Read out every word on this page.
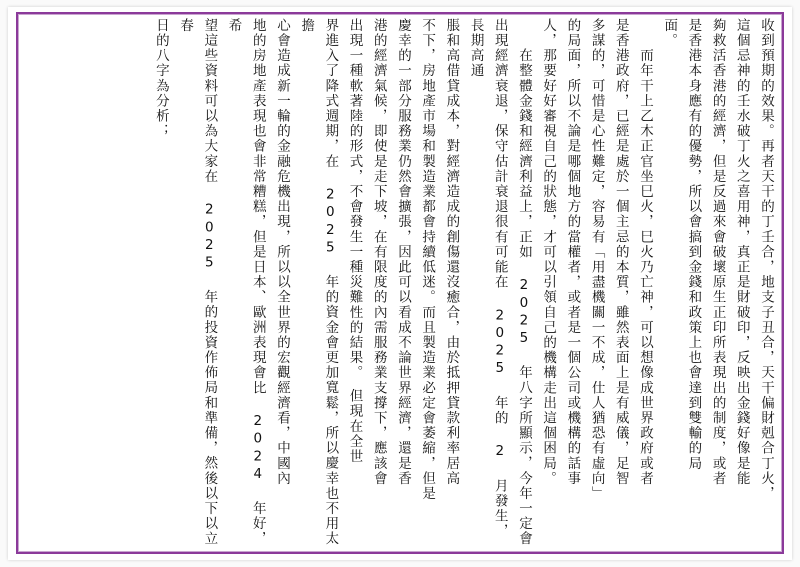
收到預期的效果。再者天干的丁壬合，地支子丑合，天干偏財剋合丁火，
這個忌神的壬水破丁火之喜用神，真正是財破印，反映出金錢好像是能
夠救活香港的經濟，但是反過來會破壞原生正印所表現出的制度，或者
是香港本身應有的優勢，所以會搞到金錢和政策上也會達到雙輸的局
面。
　　而年干上乙木正官坐巳火，巳火乃亡神，可以想像成世界政府或者
是香港政府，已經是處於一個主忌的本質，雖然表面上是有威儀，足智
多謀的，可惜是心性難定，容易有「用盡機關一不成，仕人猶恐有虛向」
的局面，所以不論是哪個地方的當權者，或者是一個公司或機構的話事
人，那要好好審視自己的狀態，才可以引領自己的機構走出這個困局。
　　在整體金錢和經濟利益上，正如 2025 年八字所顯示，今年一定會
出現經濟衰退，保守估計衰退很有可能在 2025 年的 2 月發生，長期高通
脹和高借貸成本，對經濟造成的創傷還沒癒合，由於抵押貸款利率居高
不下，房地產市場和製造業都會持續低迷。而且製造業必定會萎縮，但是
慶幸的一部分服務業仍然會擴張，因此可以看成不論世界經濟，還是香
港的經濟氣候，即使是走下坡，在有限度的內需服務業支撐下，應該會
出現一種軟著陸的形式，不會發生一種災難性的結果。　但現在全世
界進入了降式週期，在 2025 年的資金會更加寬鬆，所以慶幸也不用太擔
心會造成新一輪的金融危機出現，所以以全世界的宏觀經濟看，中國內
地的房地產表現也會非常糟糕，但是日本、歐洲表現會比 2024 年好，希
望這些資料可以為大家在 2025 年的投資作佈局和準備，然後以下以立春
日的八字為分析；
